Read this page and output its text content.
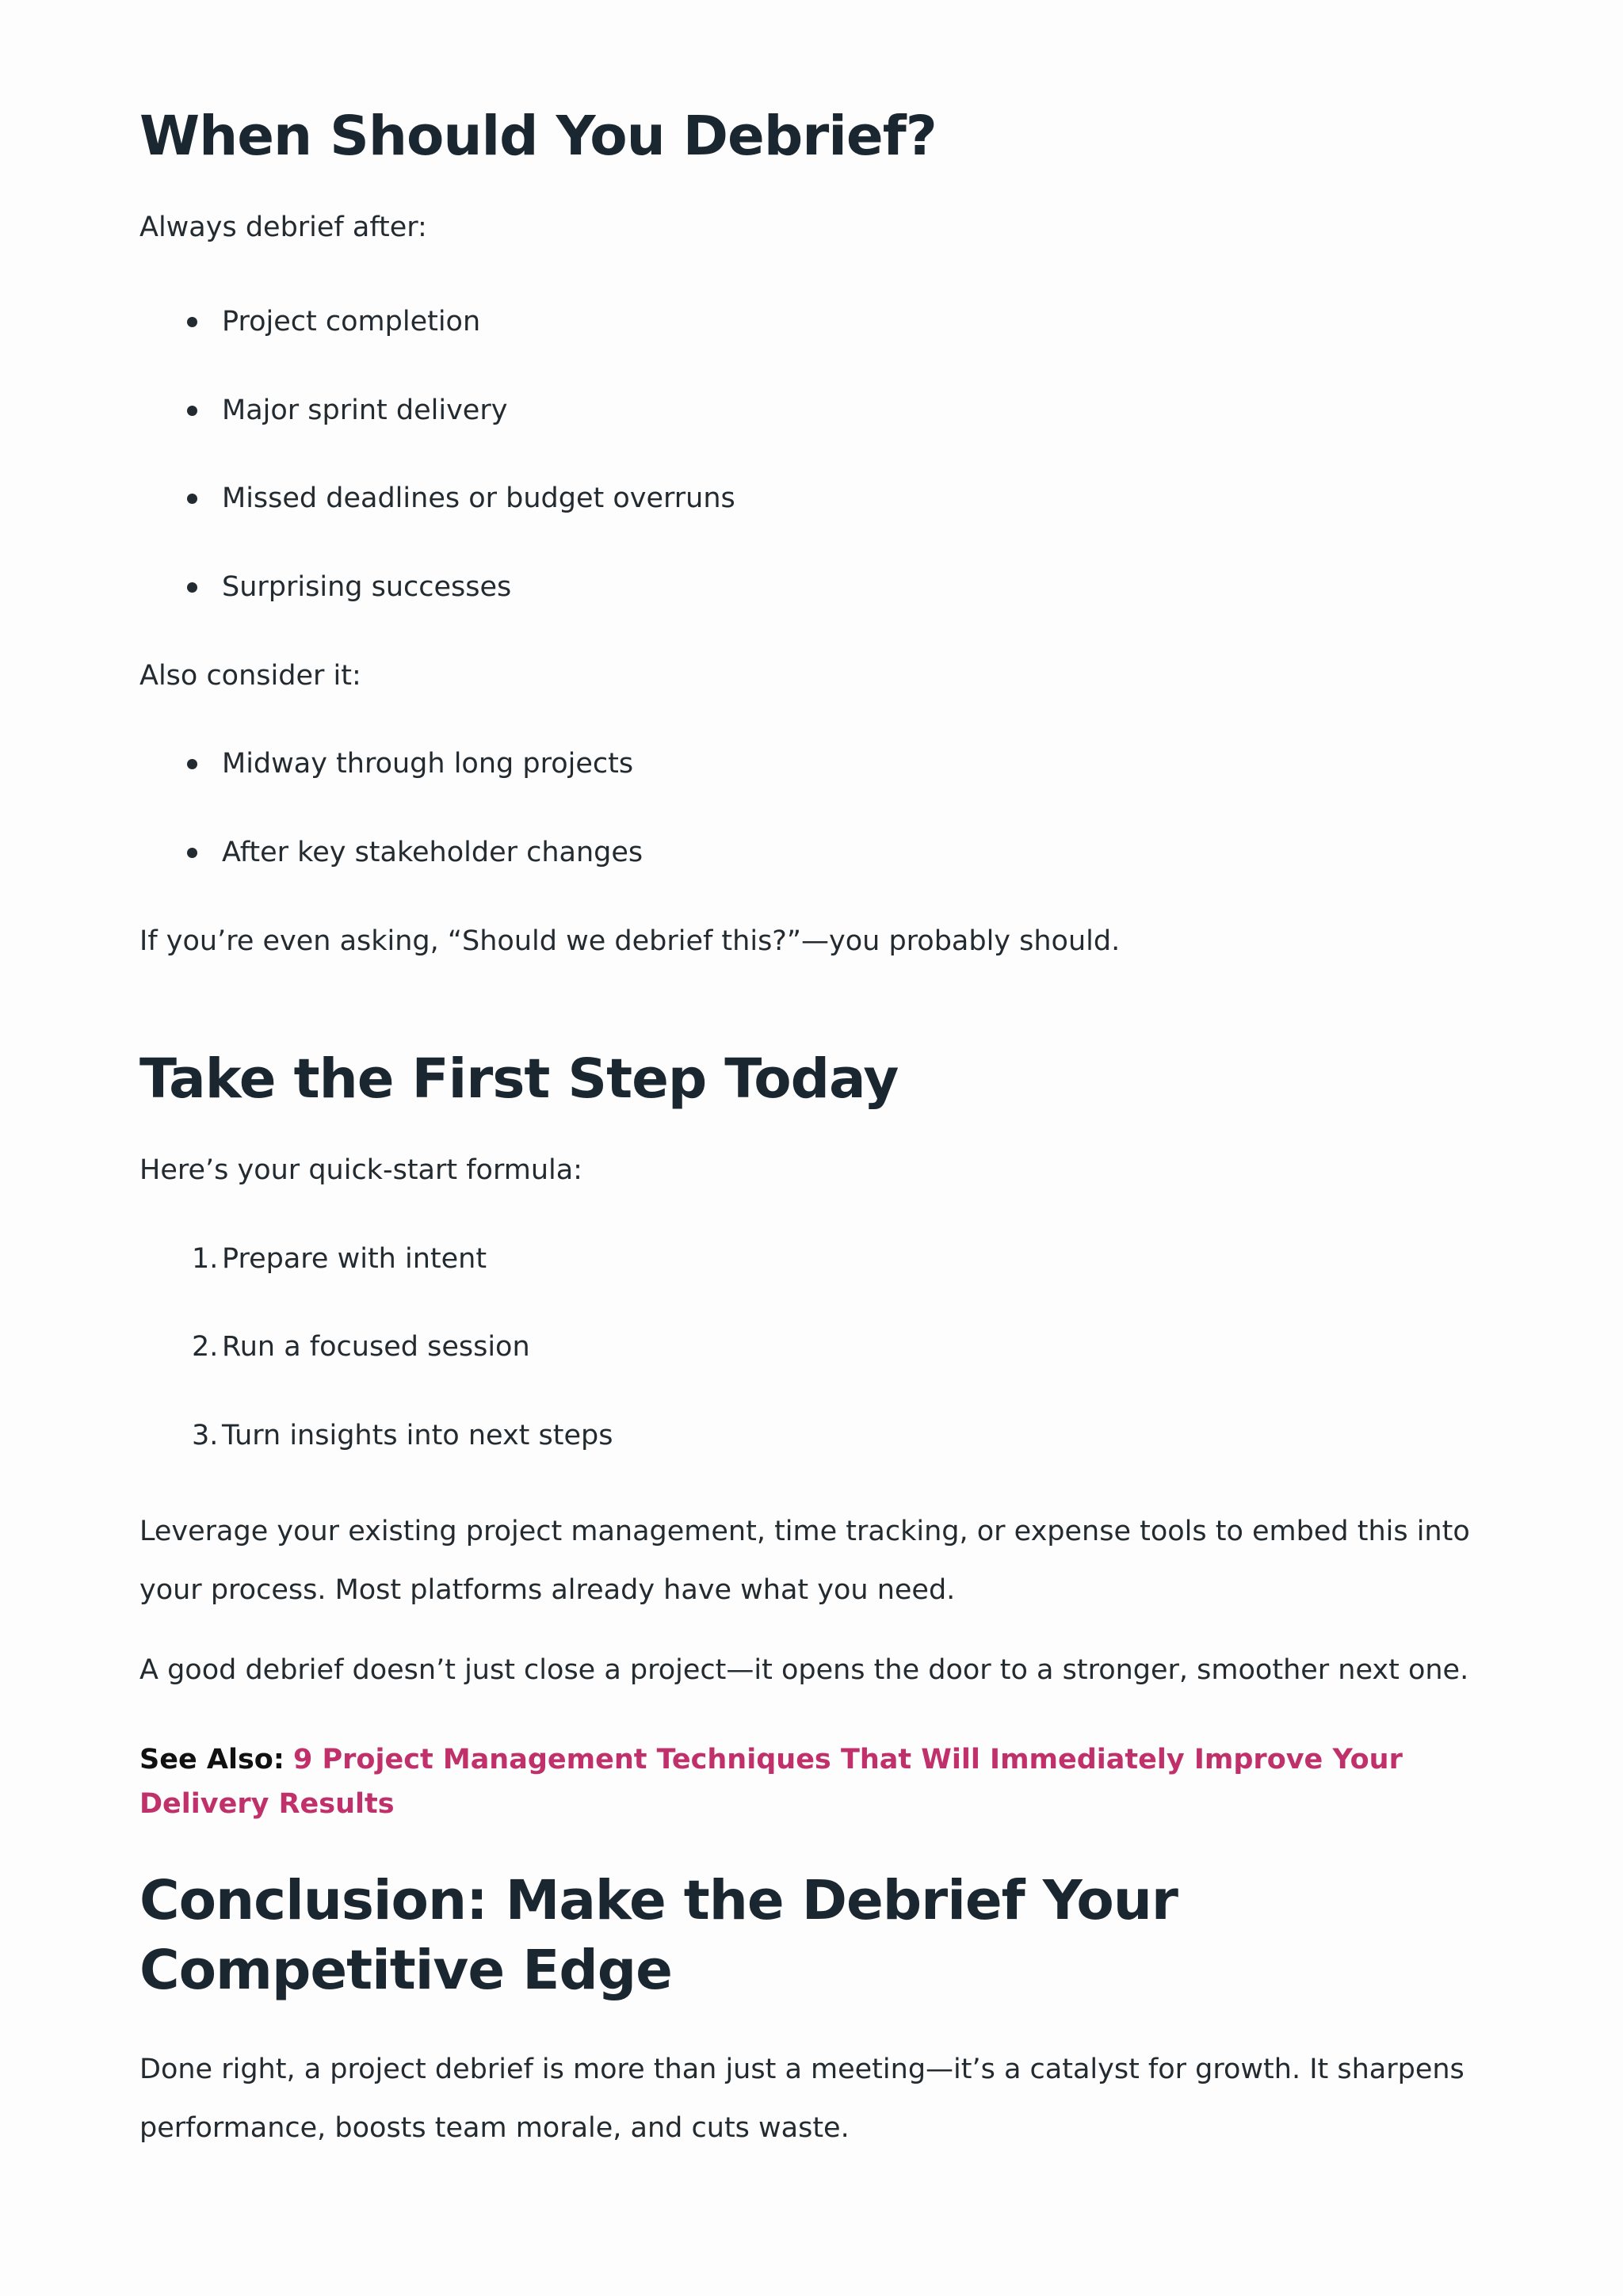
When Should You Debrief?

Always debrief after:

Project completion
Major sprint delivery
Missed deadlines or budget overruns
Surprising successes

Also consider it:

Midway through long projects
After key stakeholder changes

If you’re even asking, “Should we debrief this?”—you probably should.

Take the First Step Today

Here’s your quick-start formula:

1. Prepare with intent
2. Run a focused session
3. Turn insights into next steps

Leverage your existing project management, time tracking, or expense tools to embed this into your process. Most platforms already have what you need.

A good debrief doesn’t just close a project—it opens the door to a stronger, smoother next one.

See Also: 9 Project Management Techniques That Will Immediately Improve Your Delivery Results

Conclusion: Make the Debrief Your Competitive Edge

Done right, a project debrief is more than just a meeting—it’s a catalyst for growth. It sharpens performance, boosts team morale, and cuts waste.
